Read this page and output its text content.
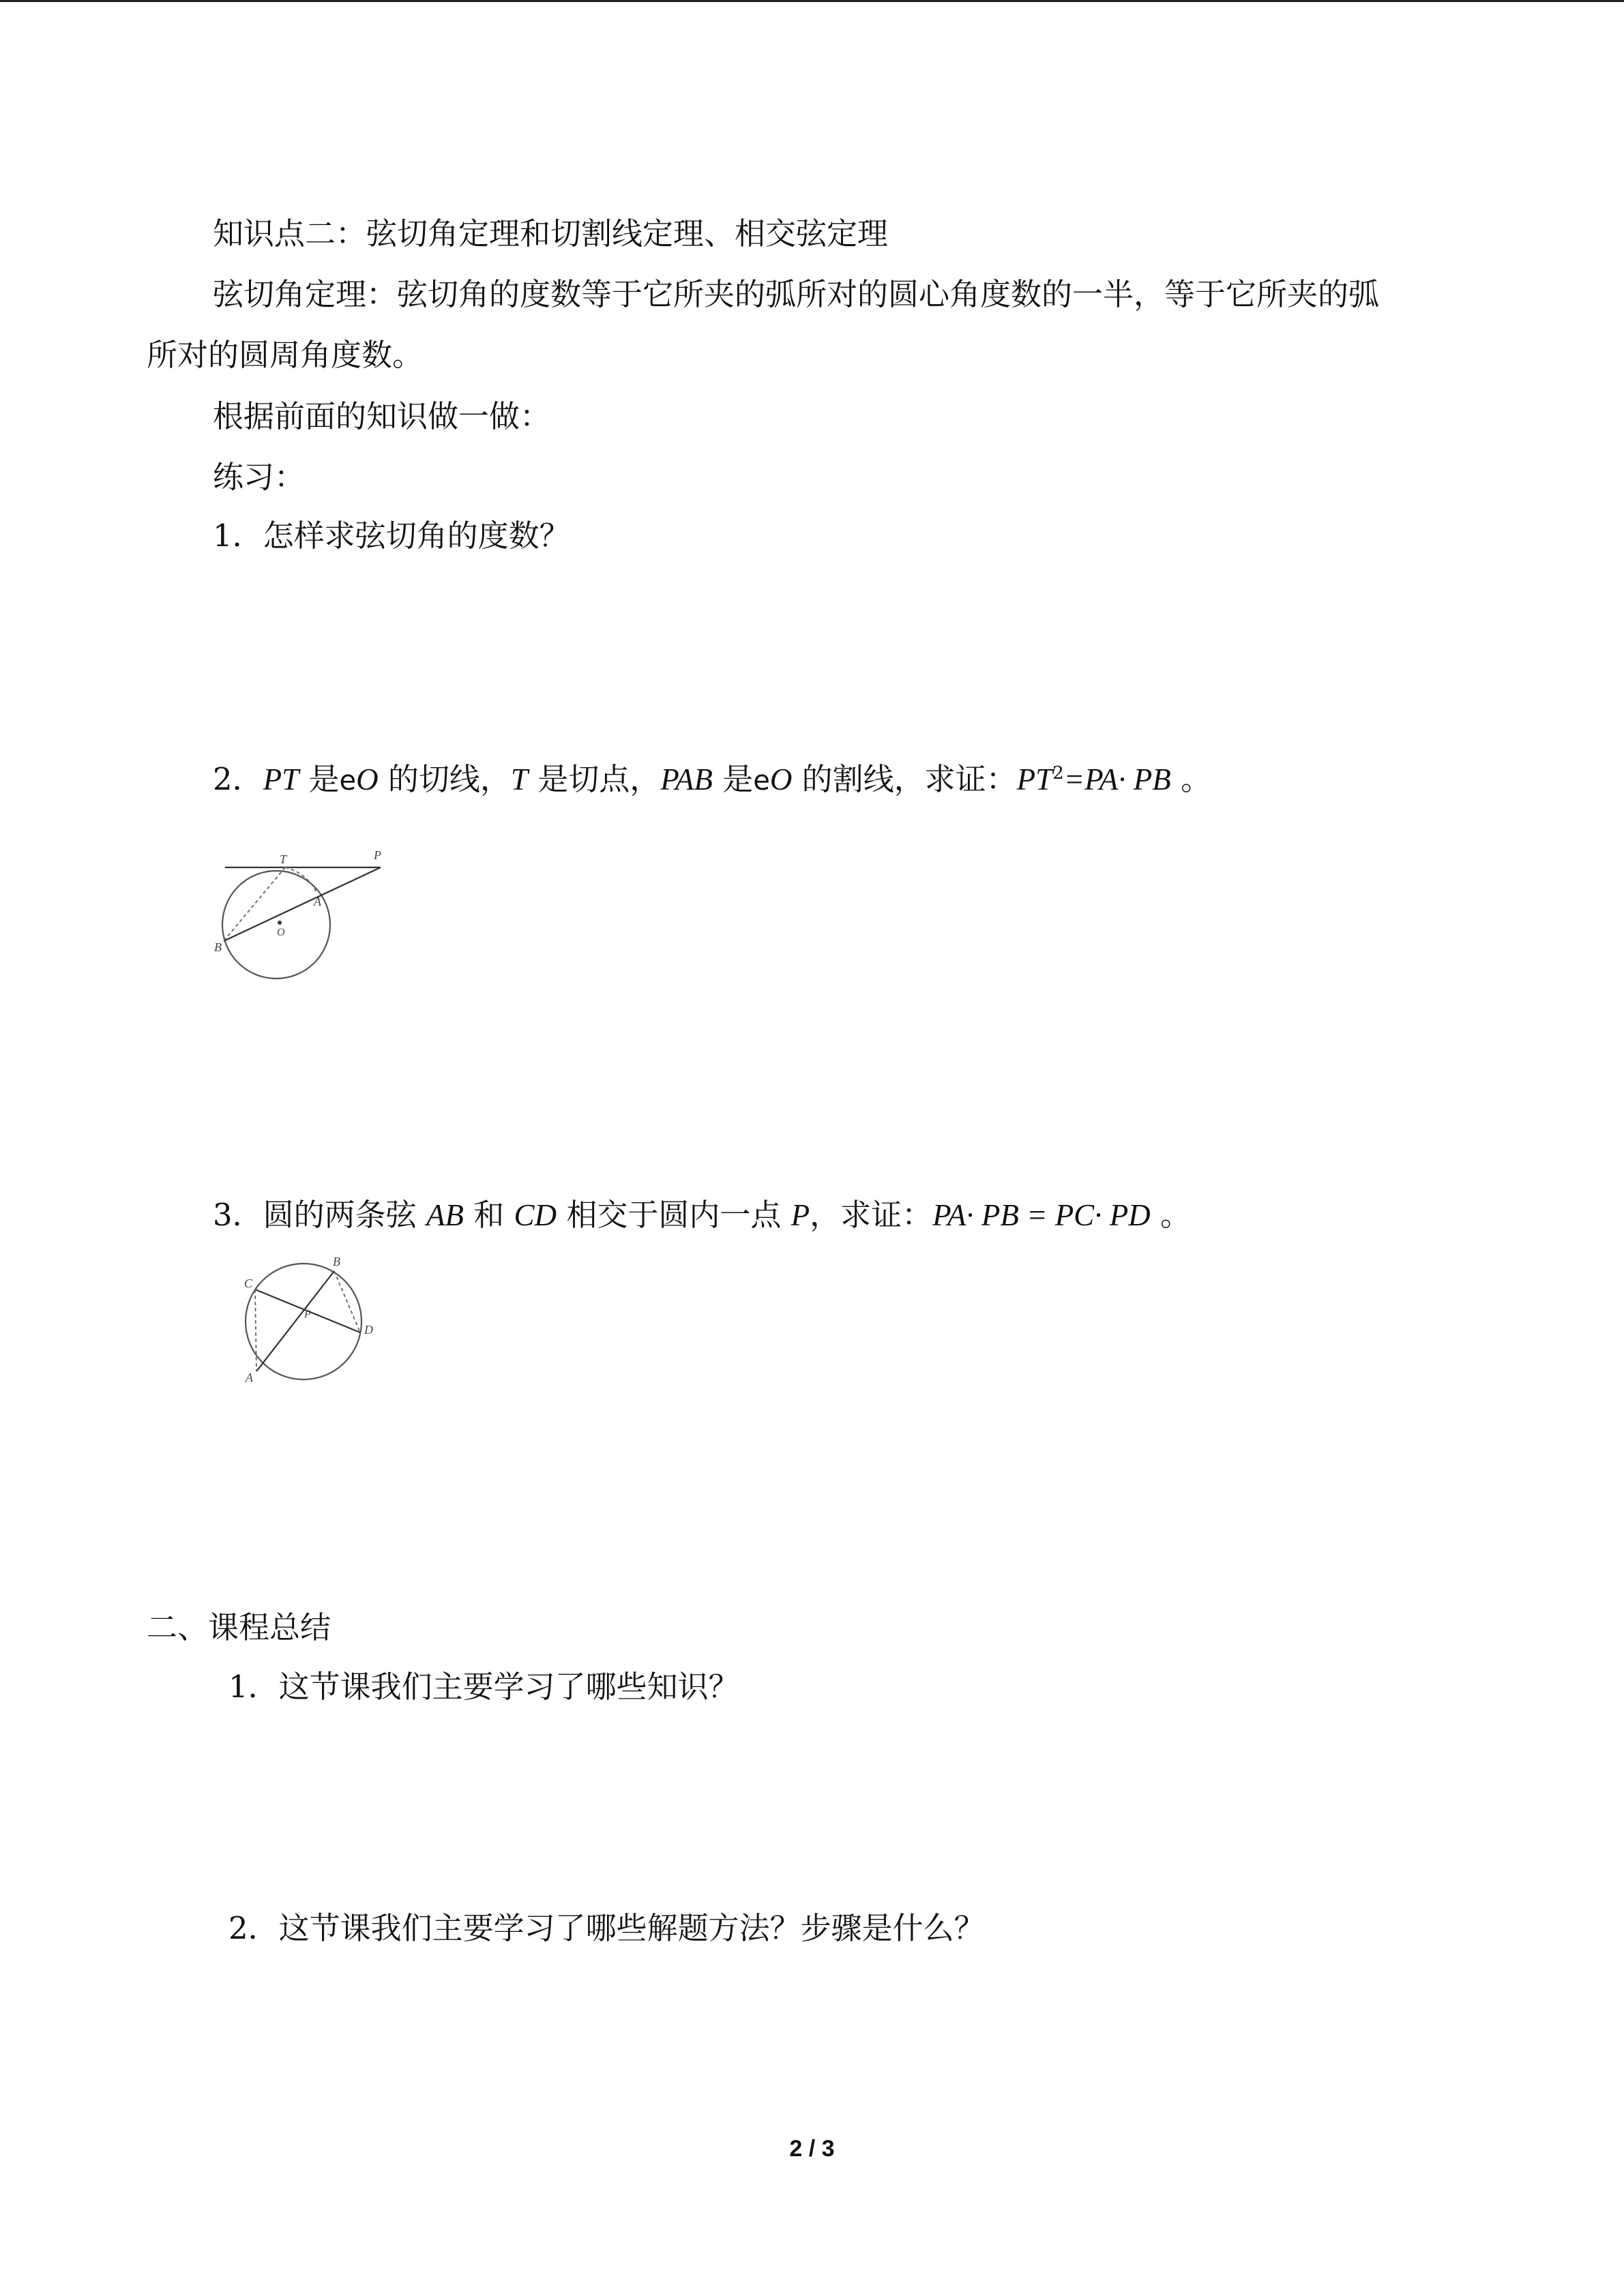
知识点二：弦切角定理和切割线定理、相交弦定理
弦切角定理：弦切角的度数等于它所夹的弧所对的圆心角度数的一半，等于它所夹的弧
所对的圆周角度数。
根据前面的知识做一做：
练习：
1．怎样求弦切角的度数？
2．PT 是eO 的切线，T 是切点，PAB 是eO 的割线，求证：$PT^2=PA\cdot$ PB 。
T	P
A
B
O
3．圆的两条弦 AB 和 CD 相交于圆内一点 P，求证：PA· PB = PC· PD 。
B
C
P
D
A
二、课程总结
1．这节课我们主要学习了哪些知识？
2．这节课我们主要学习了哪些解题方法？步骤是什么？
2 / 3
